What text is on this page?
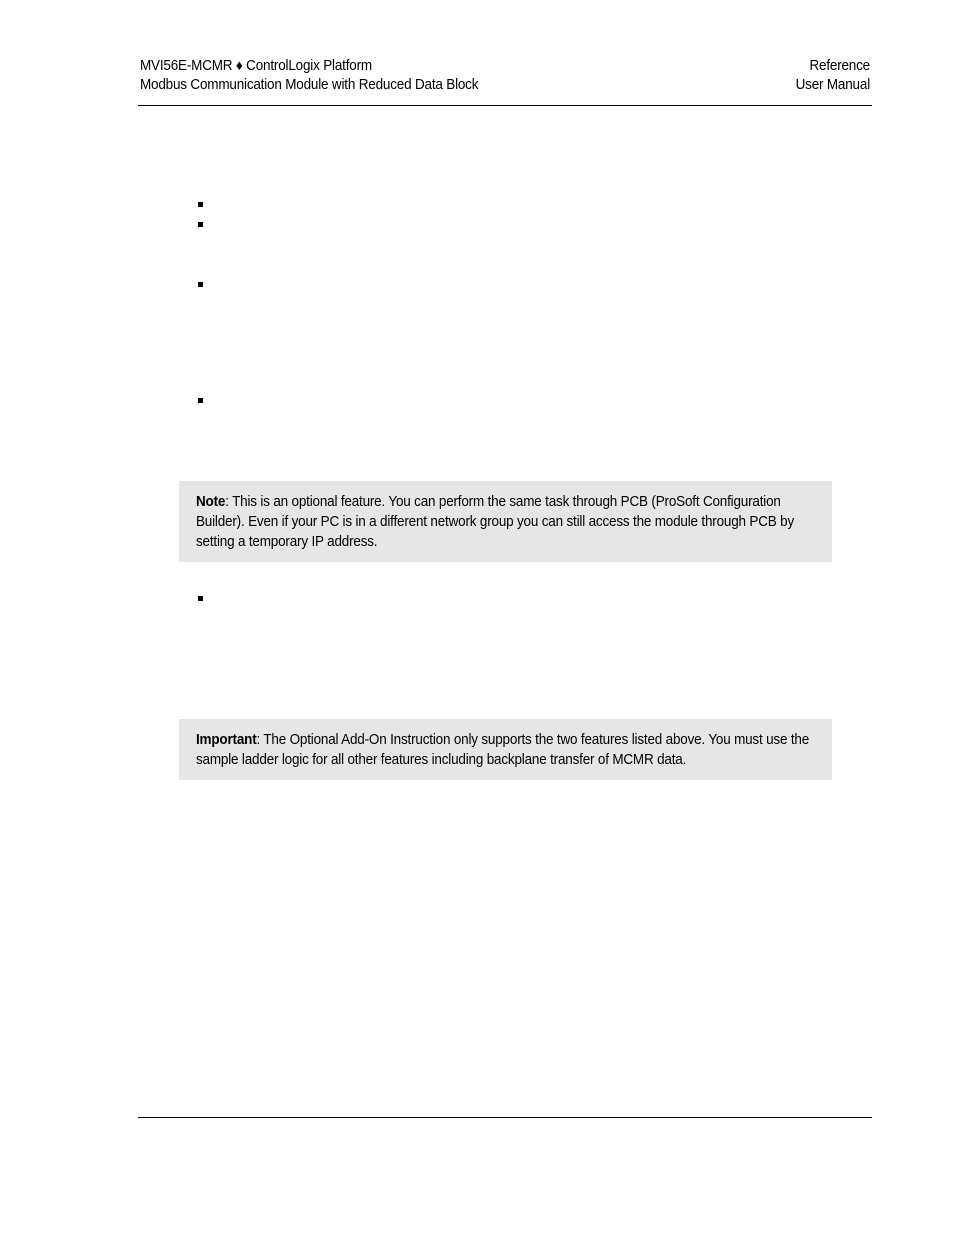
MVI56E-MCMR ♦ ControlLogix Platform
Modbus Communication Module with Reduced Data Block
Reference
User Manual
Note: This is an optional feature. You can perform the same task through PCB (ProSoft Configuration Builder). Even if your PC is in a different network group you can still access the module through PCB by setting a temporary IP address.
Important: The Optional Add-On Instruction only supports the two features listed above. You must use the sample ladder logic for all other features including backplane transfer of MCMR data.
